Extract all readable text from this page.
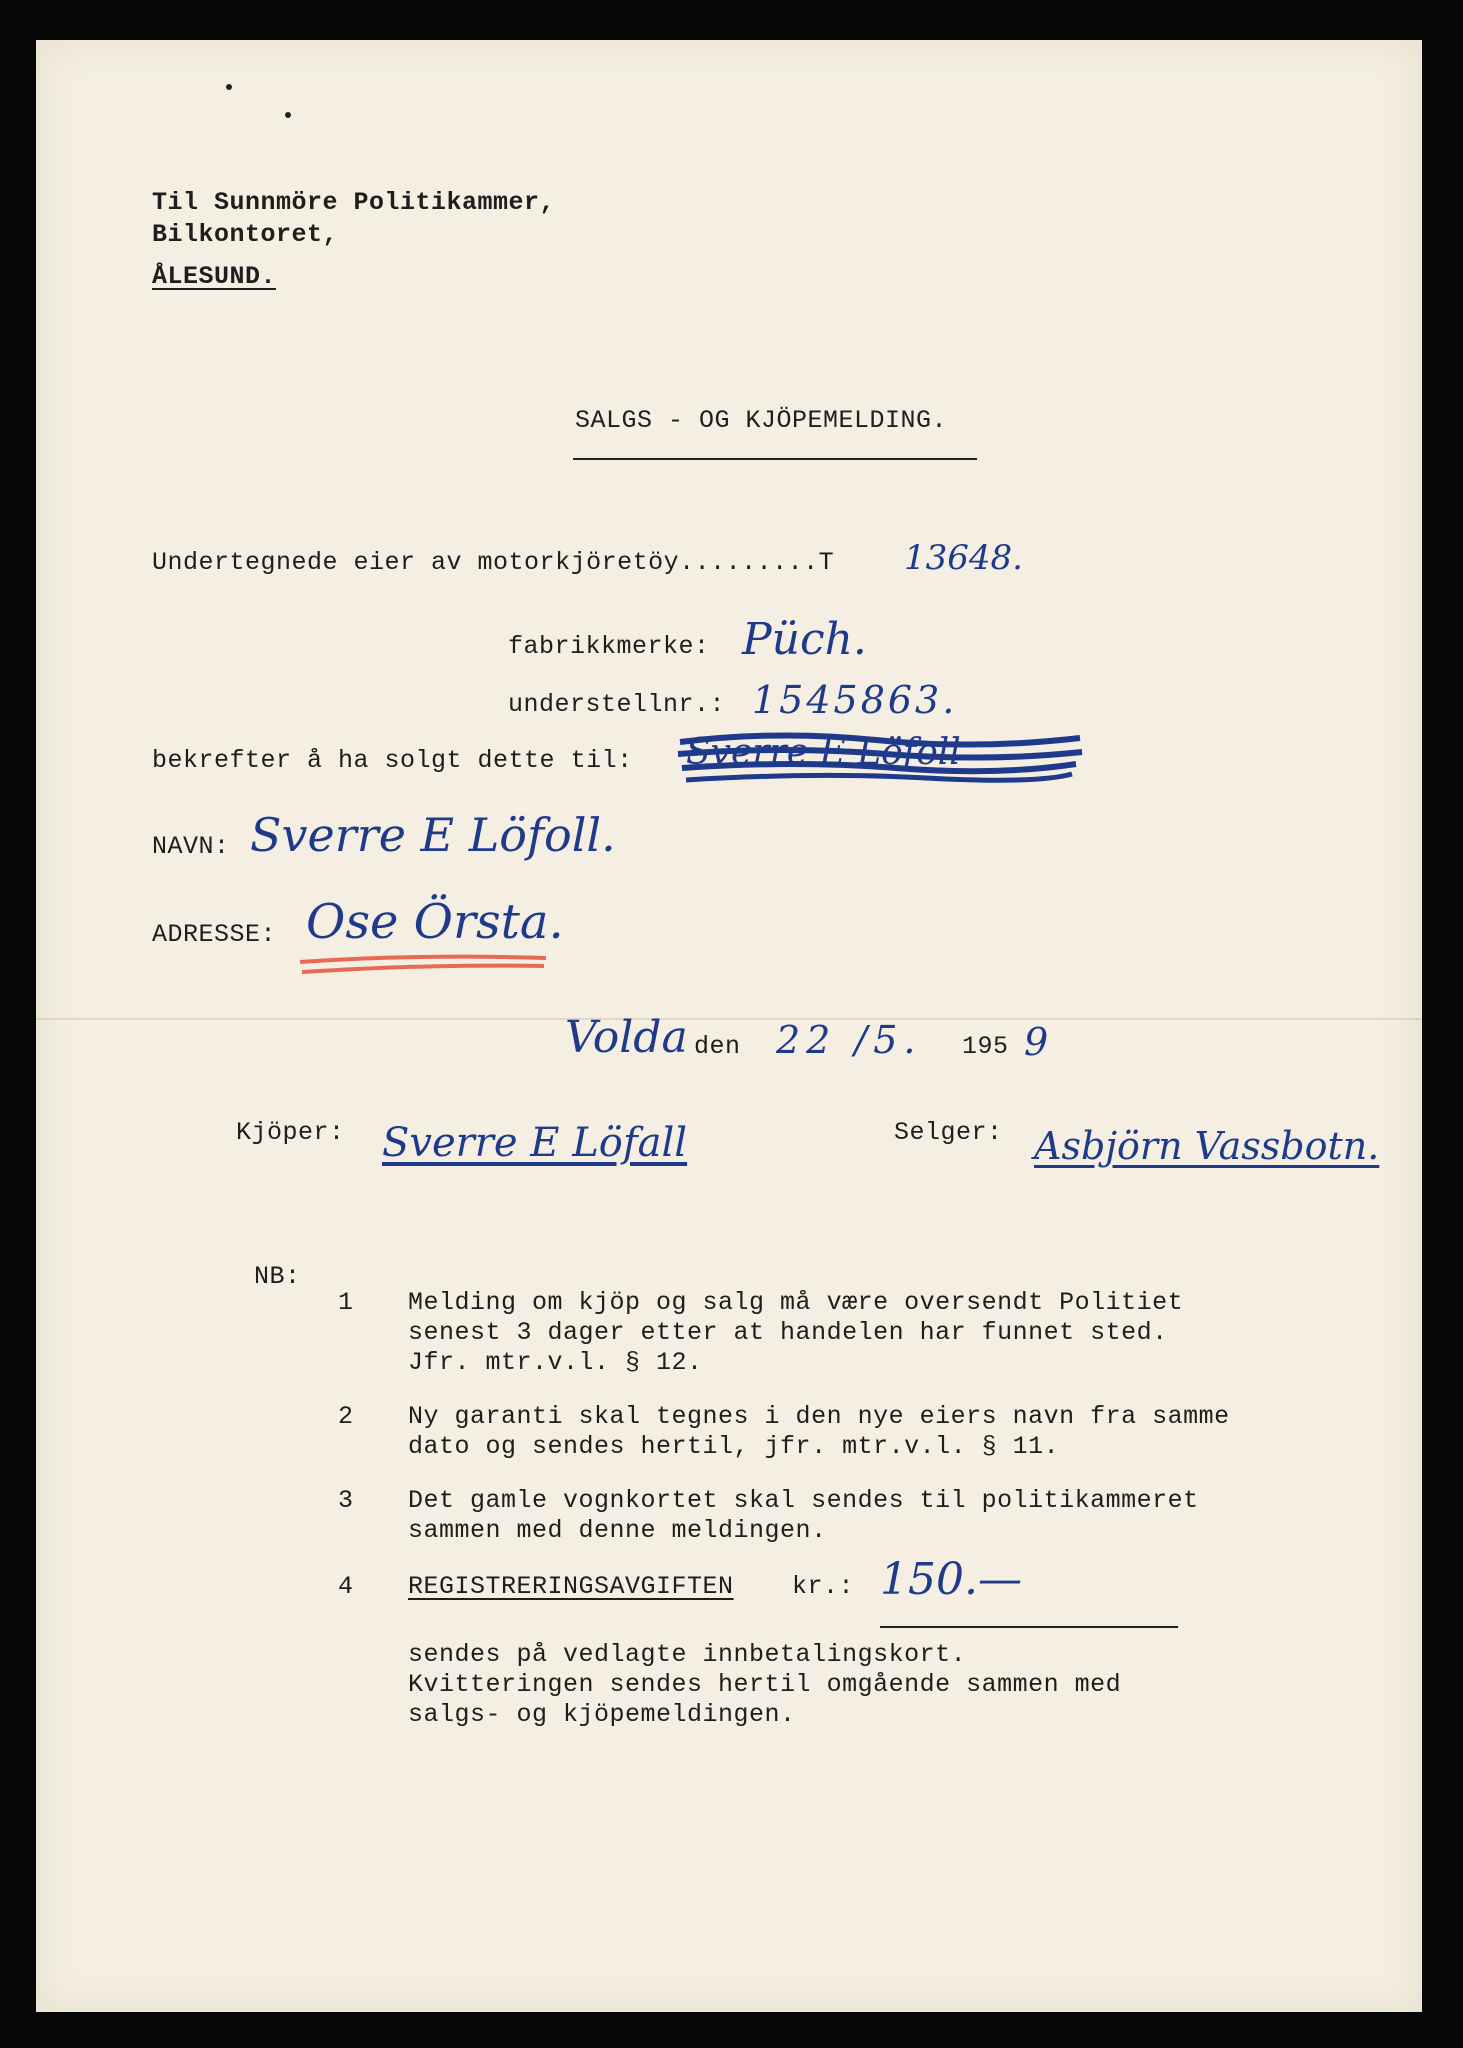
Til Sunnmöre Politikammer,
Bilkontoret,
ÅLESUND.
SALGS - OG KJÖPEMELDING.
Undertegnede eier av motorkjöretöy.........T 13648.
fabrikkmerke: Püch.
understellnr.: 1545863.
bekrefter å ha solgt dette til: Sverre E Löfoll
NAVN: Sverre E Löfoll.
ADRESSE: Ose Örsta.
Volda den 22 /5. 195 9
Kjöper: Sverre E Löfall	Selger: Asbjörn Vassbotn.
NB:
1 Melding om kjöp og salg må være oversendt Politiet
senest 3 dager etter at handelen har funnet sted.
Jfr. mtr.v.l. § 12.
2 Ny garanti skal tegnes i den nye eiers navn fra samme
dato og sendes hertil, jfr. mtr.v.l. § 11.
3 Det gamle vognkortet skal sendes til politikammeret
sammen med denne meldingen.
4 REGISTRERINGSAVGIFTEN kr.: 150.—
sendes på vedlagte innbetalingskort.
Kvitteringen sendes hertil omgående sammen med
salgs- og kjöpemeldingen.
